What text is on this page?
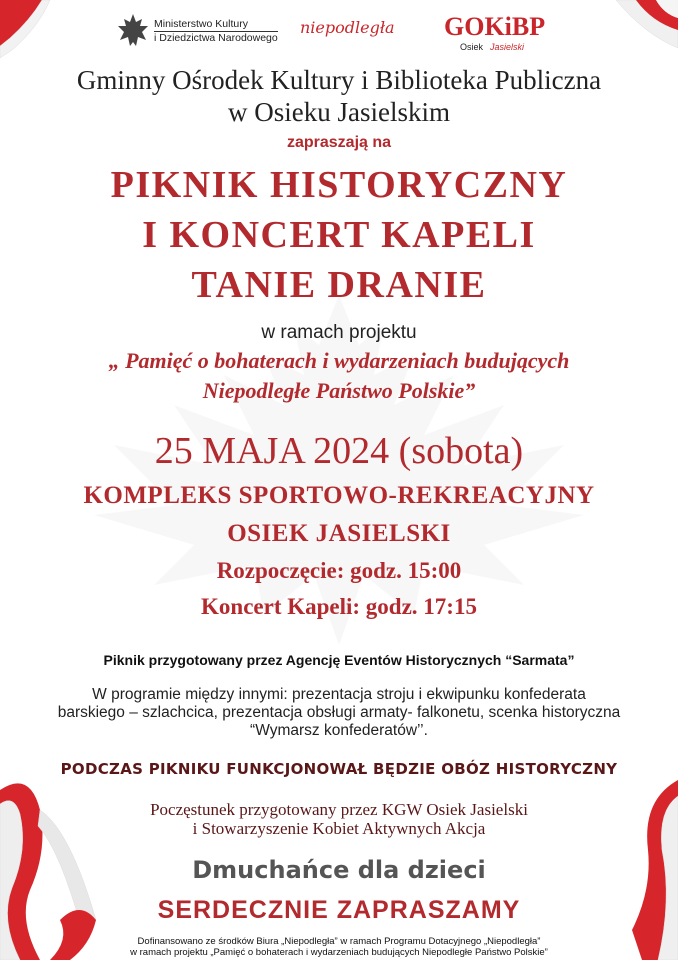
Ministerstwo Kultury
i Dziedzictwa Narodowego
niepodległa GOKiBP
Osiek Jasielski
Gminny Ośrodek Kultury i Biblioteka Publiczna
w Osieku Jasielskim
zapraszają na
PIKNIK HISTORYCZNY
I KONCERT KAPELI
TANIE DRANIE
w ramach projektu
„ Pamięć o bohaterach i wydarzeniach budujących
Niepodległe Państwo Polskie”
25 MAJA 2024 (sobota)
KOMPLEKS SPORTOWO-REKREACYJNY
OSIEK JASIELSKI
Rozpoczęcie: godz. 15:00
Koncert Kapeli: godz. 17:15
Piknik przygotowany przez Agencję Eventów Historycznych “Sarmata”
W programie między innymi: prezentacja stroju i ekwipunku konfederata
barskiego – szlachcica, prezentacja obsługi armaty- falkonetu, scenka historyczna
“Wymarsz konfederatów’’.
PODCZAS PIKNIKU FUNKCJONOWAŁ BĘDZIE OBÓZ HISTORYCZNY
Poczęstunek przygotowany przez KGW Osiek Jasielski
i Stowarzyszenie Kobiet Aktywnych Akcja
Dmuchańce dla dzieci
SERDECZNIE ZAPRASZAMY
Dofinansowano ze środków Biura „Niepodległa” w ramach Programu Dotacyjnego „Niepodległa”
w ramach projektu „Pamięć o bohaterach i wydarzeniach budujących Niepodległe Państwo Polskie”
